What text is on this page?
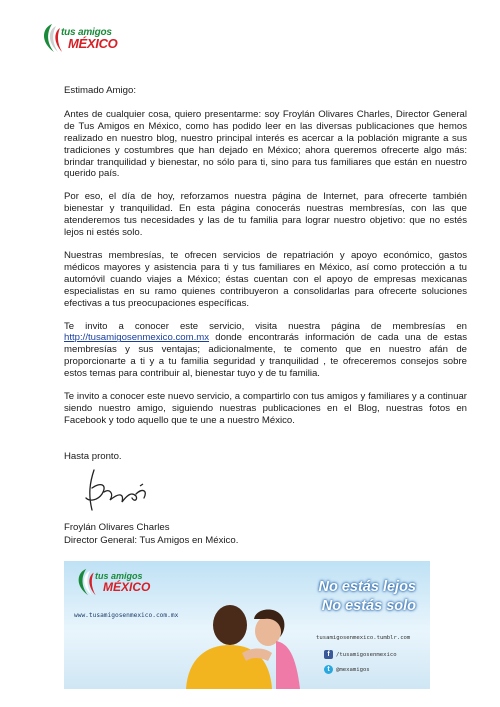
tus amigos
MÉXICO

Estimado Amigo:

Antes de cualquier cosa, quiero presentarme: soy Froylán Olivares Charles, Director General de Tus Amigos en México, como has podido leer en las diversas publicaciones que hemos realizado en nuestro blog, nuestro principal interés es acercar a la población migrante a sus tradiciones y costumbres que han dejado en México; ahora queremos ofrecerte algo más: brindar tranquilidad y bienestar, no sólo para ti, sino para tus familiares que están en nuestro querido país.

Por eso, el día de hoy, reforzamos nuestra página de Internet, para ofrecerte también bienestar y tranquilidad. En esta página conocerás nuestras membresías, con las que atenderemos tus necesidades y las de tu familia para lograr nuestro objetivo: que no estés lejos ni estés solo.

Nuestras membresías, te ofrecen servicios de repatriación y apoyo económico, gastos médicos mayores y asistencia para ti y tus familiares en México, así como protección a tu automóvil cuando viajes a México; éstas cuentan con el apoyo de empresas mexicanas especialistas en su ramo quienes contribuyeron a consolidarlas para ofrecerte soluciones efectivas a tus preocupaciones específicas.

Te invito a conocer este servicio, visita nuestra página de membresías en http://tusamigosenmexico.com.mx donde encontrarás información de cada una de estas membresías y sus ventajas; adicionalmente, te comento que en nuestro afán de proporcionarte a ti y a tu familia seguridad y tranquilidad , te ofreceremos consejos sobre estos temas para contribuir al, bienestar tuyo y de tu familia.

Te invito a conocer este nuevo servicio, a compartirlo con tus amigos y familiares y a continuar siendo nuestro amigo, siguiendo nuestras publicaciones en el Blog, nuestras fotos en Facebook y todo aquello que te une a nuestro México.

Hasta pronto.
Froylán Olivares Charles
Director General: Tus Amigos en México.
tus amigos
MÉXICO
www.tusamigosenmexico.com.mx
No estás lejos
No estás solo
tusamigosenmexico.tumblr.com
f	/tusamigosenmexico
t	@mexamigos
